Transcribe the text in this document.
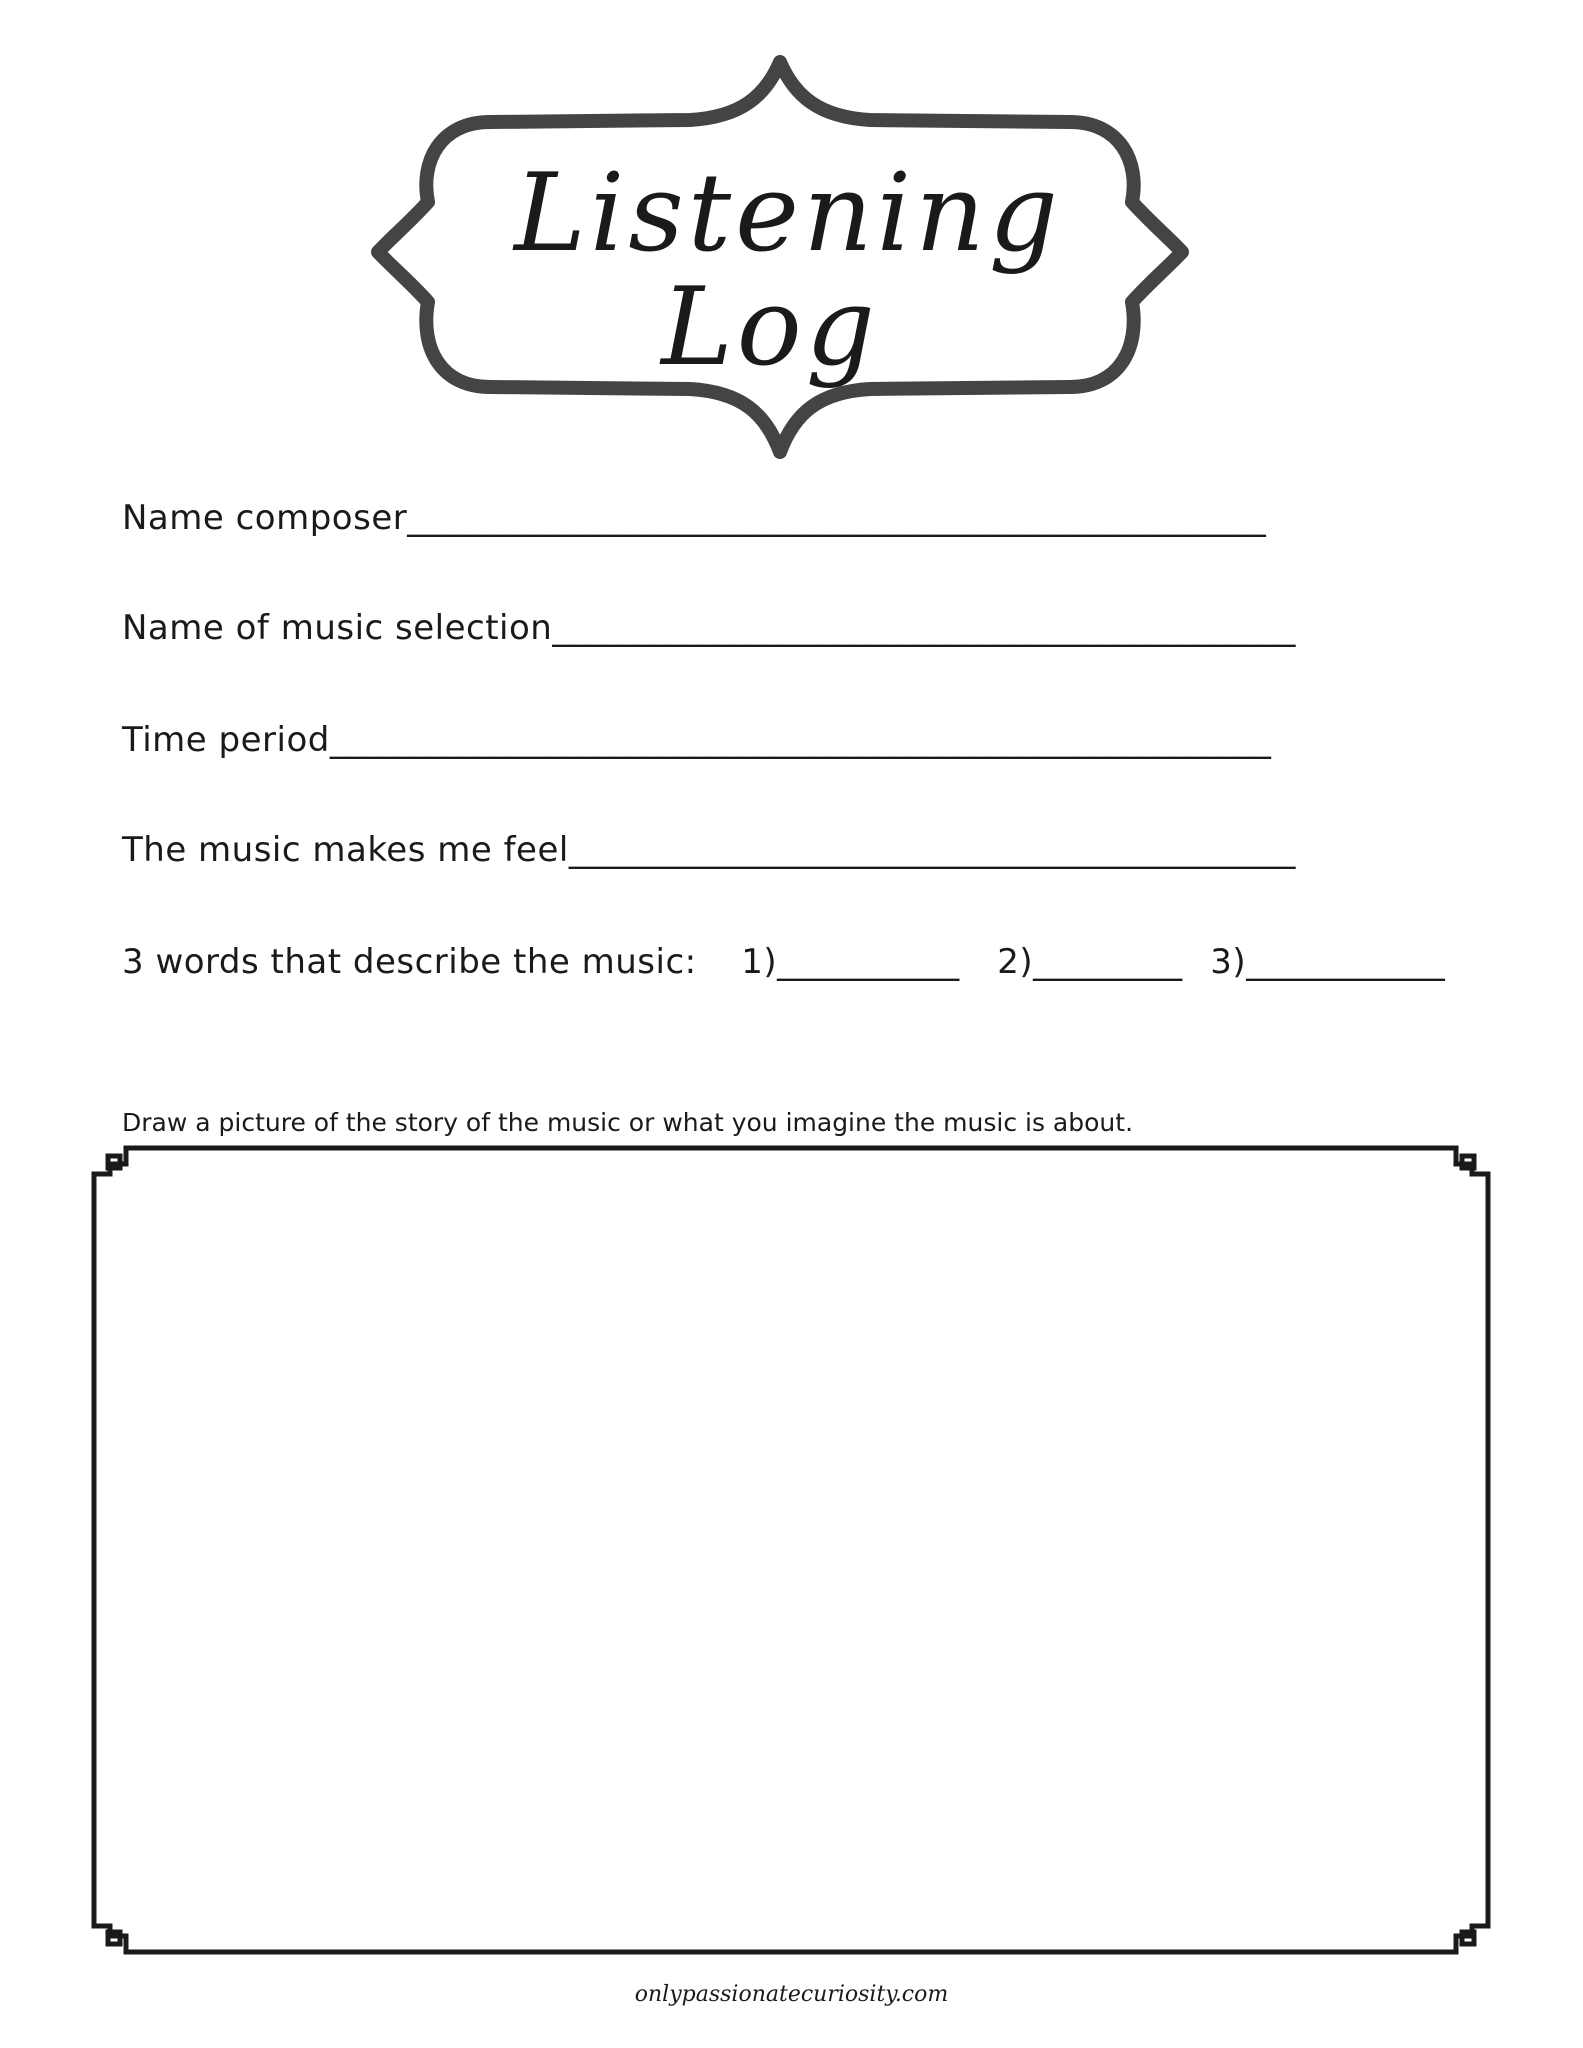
Listening
Log
Name composer____________________________________________________
Name of music selection_____________________________________________
Time period_________________________________________________________
The music makes me feel____________________________________________
3 words that describe the music: 1)___________ 2)_________ 3)____________
Draw a picture of the story of the music or what you imagine the music is about.
onlypassionatecuriosity.com
